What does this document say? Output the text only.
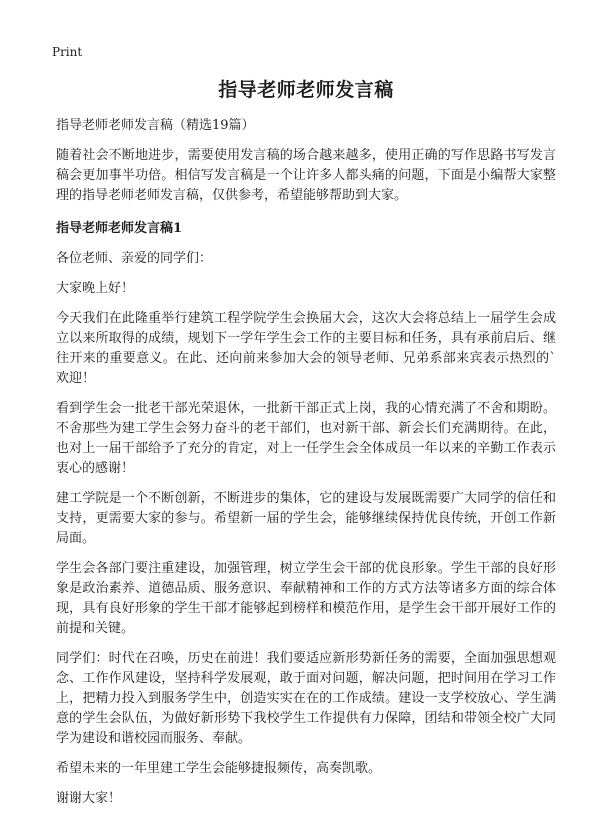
Print
指导老师老师发言稿
指导老师老师发言稿（精选19篇）

随着社会不断地进步，需要使用发言稿的场合越来越多，使用正确的写作思路书写发言稿会更加事半功倍。相信写发言稿是一个让许多人都头痛的问题，下面是小编帮大家整理的指导老师老师发言稿，仅供参考，希望能够帮助到大家。

指导老师老师发言稿1

各位老师、亲爱的同学们：

大家晚上好！

今天我们在此隆重举行建筑工程学院学生会换届大会，这次大会将总结上一届学生会成立以来所取得的成绩，规划下一学年学生会工作的主要目标和任务，具有承前启后、继往开来的重要意义。在此、还向前来参加大会的领导老师、兄弟系部来宾表示热烈的`欢迎！

看到学生会一批老干部光荣退休，一批新干部正式上岗，我的心情充满了不舍和期盼。不舍那些为建工学生会努力奋斗的老干部们，也对新干部、新会长们充满期待。在此，也对上一届干部给予了充分的肯定，对上一任学生会全体成员一年以来的辛勤工作表示衷心的感谢！

建工学院是一个不断创新，不断进步的集体，它的建设与发展既需要广大同学的信任和支持，更需要大家的参与。希望新一届的学生会，能够继续保持优良传统，开创工作新局面。

学生会各部门要注重建设，加强管理，树立学生会干部的优良形象。学生干部的良好形象是政治素养、道德品质、服务意识、奉献精神和工作的方式方法等诸多方面的综合体现，具有良好形象的学生干部才能够起到榜样和模范作用，是学生会干部开展好工作的前提和关键。

同学们：时代在召唤，历史在前进！我们要适应新形势新任务的需要，全面加强思想观念、工作作风建设，坚持科学发展观，敢于面对问题，解决问题，把时间用在学习工作上，把精力投入到服务学生中，创造实实在在的工作成绩。建设一支学校放心、学生满意的学生会队伍，为做好新形势下我校学生工作提供有力保障，团结和带领全校广大同学为建设和谐校园而服务、奉献。

希望未来的一年里建工学生会能够捷报频传，高奏凯歌。

谢谢大家！
